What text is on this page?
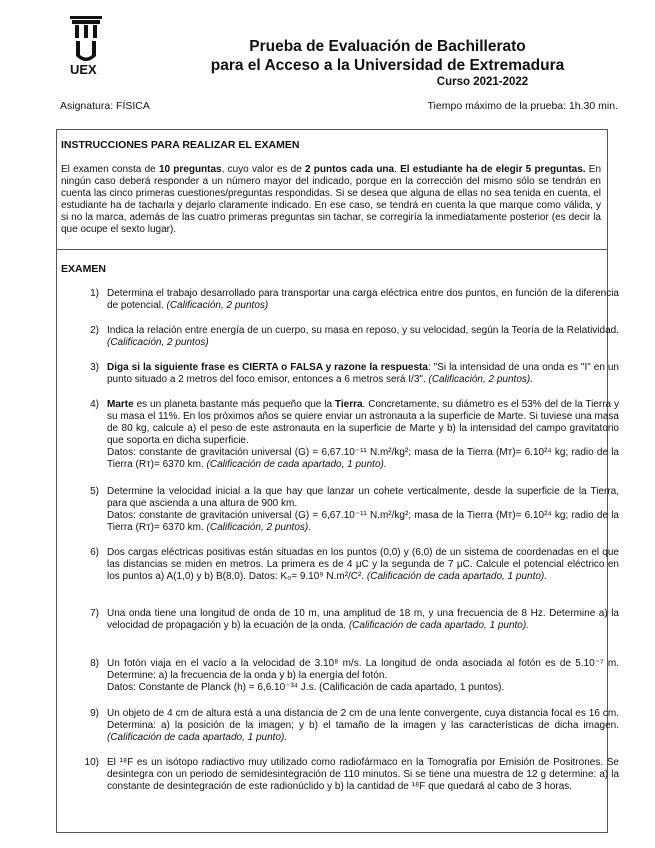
UEX
Prueba de Evaluación de Bachillerato
para el Acceso a la Universidad de Extremadura
Curso 2021-2022
Asignatura: FÍSICA	Tiempo máximo de la prueba: 1h.30 min.
INSTRUCCIONES PARA REALIZAR EL EXAMEN
El examen consta de 10 preguntas, cuyo valor es de 2 puntos cada una. El estudiante ha de elegir 5 preguntas. En ningún caso deberá responder a un número mayor del indicado, porque en la corrección del mismo sólo se tendrán en cuenta las cinco primeras cuestiones/preguntas respondidas. Si se desea que alguna de ellas no sea tenida en cuenta, el estudiante ha de tacharla y dejarlo claramente indicado. En ese caso, se tendrá en cuenta la que marque como válida, y si no la marca, además de las cuatro primeras preguntas sin tachar, se corregiría la inmediatamente posterior (es decir la que ocupe el sexto lugar).
EXAMEN
1) Determina el trabajo desarrollado para transportar una carga eléctrica entre dos puntos, en función de la diferencia de potencial. (Calificación, 2 puntos)
2) Indica la relación entre energía de un cuerpo, su masa en reposo, y su velocidad, según la Teoría de la Relatividad. (Calificación, 2 puntos)
3) Diga si la siguiente frase es CIERTA o FALSA y razone la respuesta: "Si la intensidad de una onda es "I" en un punto situado a 2 metros del foco emisor, entonces a 6 metros será I/3". (Calificación, 2 puntos).
4) Marte es un planeta bastante más pequeño que la Tierra. Concretamente, su diámetro es el 53% del de la Tierra y su masa el 11%. En los próximos años se quiere enviar un astronauta a la superficie de Marte. Si tuviese una masa de 80 kg, calcule a) el peso de este astronauta en la superficie de Marte y b) la intensidad del campo gravitatorio que soporta en dicha superficie.
Datos: constante de gravitación universal (G) = 6,67.10⁻¹¹ N.m²/kg²; masa de la Tierra (Mᴛ)= 6.10²⁴ kg; radio de la Tierra (Rᴛ)= 6370 km. (Calificación de cada apartado, 1 punto).
5) Determine la velocidad inicial a la que hay que lanzar un cohete verticalmente, desde la superficie de la Tierra, para que ascienda a una altura de 900 km.
Datos: constante de gravitación universal (G) = 6,67.10⁻¹¹ N.m²/kg²; masa de la Tierra (Mᴛ)= 6.10²⁴ kg; radio de la Tierra (Rᴛ)= 6370 km. (Calificación, 2 puntos).
6) Dos cargas eléctricas positivas están situadas en los puntos (0,0) y (6,0) de un sistema de coordenadas en el que las distancias se miden en metros. La primera es de 4 μC y la segunda de 7 μC. Calcule el potencial eléctrico en los puntos a) A(1,0) y b) B(8,0). Datos: K₀= 9.10⁹ N.m²/C². (Calificación de cada apartado, 1 punto).
7) Una onda tiene una longitud de onda de 10 m, una amplitud de 18 m, y una frecuencia de 8 Hz. Determine a) la velocidad de propagación y b) la ecuación de la onda. (Calificación de cada apartado, 1 punto).
8) Un fotón viaja en el vacío a la velocidad de 3.10⁸ m/s. La longitud de onda asociada al fotón es de 5.10⁻⁷ m. Determine: a) la frecuencia de la onda y b) la energía del fotón.
Datos: Constante de Planck (h) = 6,6.10⁻³⁴ J.s. (Calificación de cada apartado, 1 puntos).
9) Un objeto de 4 cm de altura está a una distancia de 2 cm de una lente convergente, cuya distancia focal es 16 cm. Determina: a) la posición de la imagen; y b) el tamaño de la imagen y las características de dicha imagen. (Calificación de cada apartado, 1 punto).
10) El ¹⁸F es un isótopo radiactivo muy utilizado como radiofármaco en la Tomografía por Emisión de Positrones. Se desintegra con un periodo de semidesintegración de 110 minutos. Si se tiene una muestra de 12 g determine: a) la constante de desintegración de este radionúclido y b) la cantidad de ¹⁸F que quedará al cabo de 3 horas.
